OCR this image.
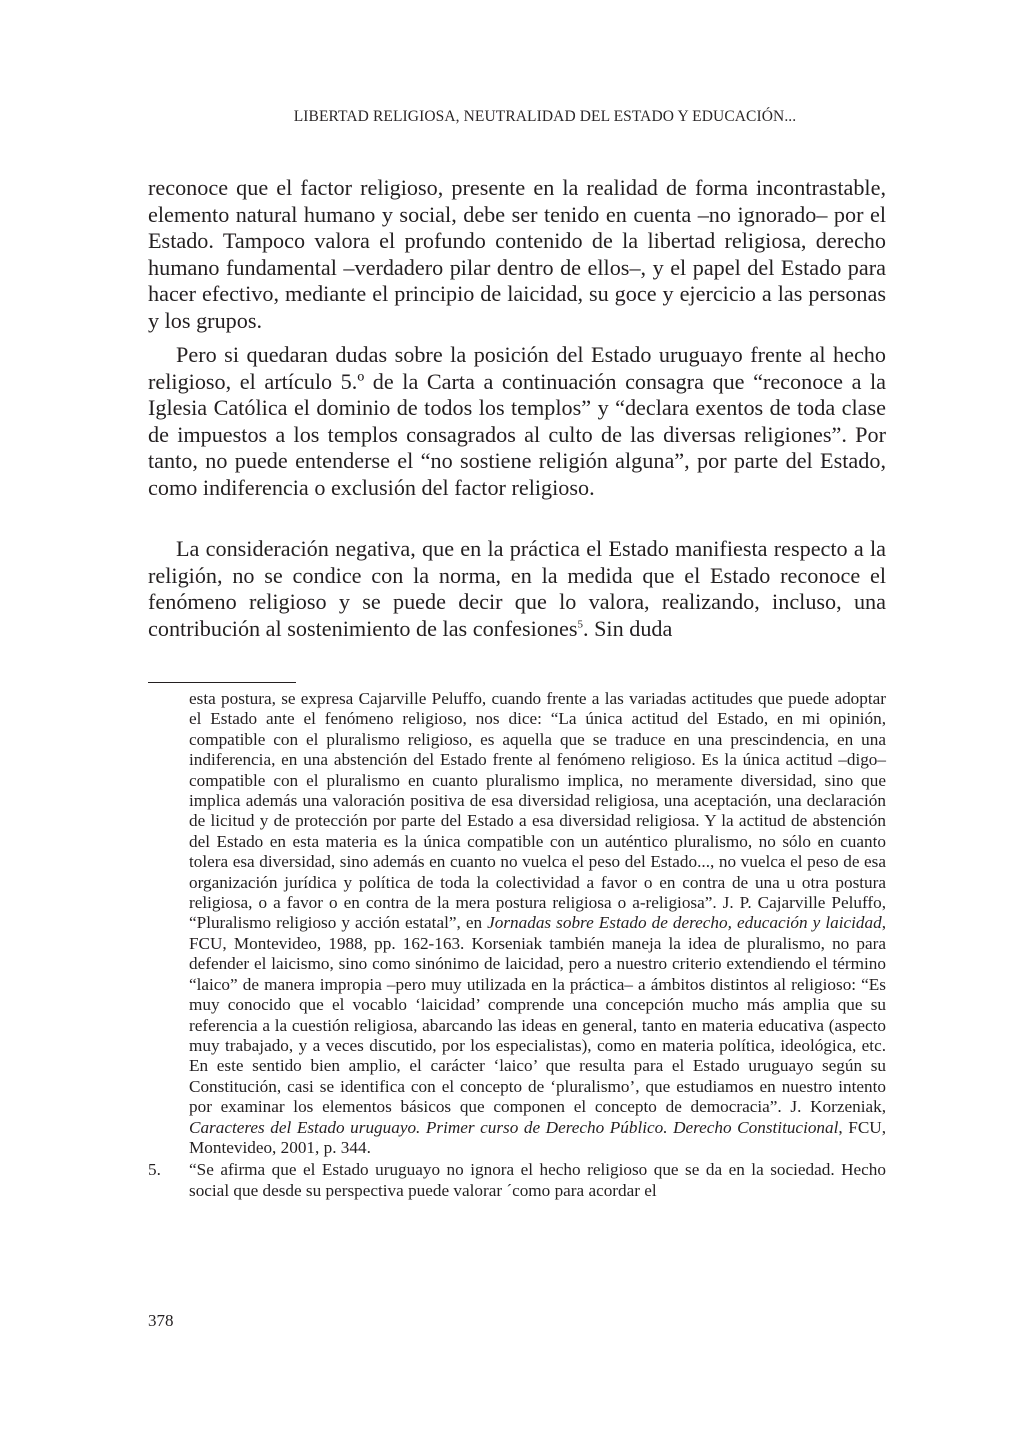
LIBERTAD RELIGIOSA, NEUTRALIDAD DEL ESTADO Y EDUCACIÓN...

reconoce que el factor religioso, presente en la realidad de forma incontrastable, elemento natural humano y social, debe ser tenido en cuenta –no ignorado– por el Estado. Tampoco valora el profundo contenido de la libertad religiosa, derecho humano fundamental –verdadero pilar dentro de ellos–, y el papel del Estado para hacer efectivo, mediante el principio de laicidad, su goce y ejercicio a las personas y los grupos.

Pero si quedaran dudas sobre la posición del Estado uruguayo frente al hecho religioso, el artículo 5.º de la Carta a continuación consagra que “reconoce a la Iglesia Católica el dominio de todos los templos” y “declara exentos de toda clase de impuestos a los templos consagrados al culto de las diversas religiones”. Por tanto, no puede entenderse el “no sostiene religión alguna”, por parte del Estado, como indiferencia o exclusión del factor religioso.

La consideración negativa, que en la práctica el Estado manifiesta respecto a la religión, no se condice con la norma, en la medida que el Estado reconoce el fenómeno religioso y se puede decir que lo valora, realizando, incluso, una contribución al sostenimiento de las confesiones$^5$. Sin duda

esta postura, se expresa Cajarville Peluffo, cuando frente a las variadas actitudes que puede adoptar el Estado ante el fenómeno religioso, nos dice: “La única actitud del Estado, en mi opinión, compatible con el pluralismo religioso, es aquella que se traduce en una prescindencia, en una indiferencia, en una abstención del Estado frente al fenómeno religioso. Es la única actitud –digo– compatible con el pluralismo en cuanto pluralismo implica, no meramente diversidad, sino que implica además una valoración positiva de esa diversidad religiosa, una aceptación, una declaración de licitud y de protección por parte del Estado a esa diversidad religiosa. Y la actitud de abstención del Estado en esta materia es la única compatible con un auténtico pluralismo, no sólo en cuanto tolera esa diversidad, sino además en cuanto no vuelca el peso del Estado..., no vuelca el peso de esa organización jurídica y política de toda la colectividad a favor o en contra de una u otra postura religiosa, o a favor o en contra de la mera postura religiosa o a-religiosa”. J. P. Cajarville Peluffo, “Pluralismo religioso y acción estatal”, en Jornadas sobre Estado de derecho, educación y laicidad, FCU, Montevideo, 1988, pp. 162-163. Korseniak también maneja la idea de pluralismo, no para defender el laicismo, sino como sinónimo de laicidad, pero a nuestro criterio extendiendo el término “laico” de manera impropia –pero muy utilizada en la práctica– a ámbitos distintos al religioso: “Es muy conocido que el vocablo ‘laicidad’ comprende una concepción mucho más amplia que su referencia a la cuestión religiosa, abarcando las ideas en general, tanto en materia educativa (aspecto muy trabajado, y a veces discutido, por los especialistas), como en materia política, ideológica, etc. En este sentido bien amplio, el carácter ‘laico’ que resulta para el Estado uruguayo según su Constitución, casi se identifica con el concepto de ‘pluralismo’, que estudiamos en nuestro intento por examinar los elementos básicos que componen el concepto de democracia”. J. Korzeniak, Caracteres del Estado uruguayo. Primer curso de Derecho Público. Derecho Constitucional, FCU, Montevideo, 2001, p. 344.
5. “Se afirma que el Estado uruguayo no ignora el hecho religioso que se da en la sociedad. Hecho social que desde su perspectiva puede valorar ´como para acordar el
378
